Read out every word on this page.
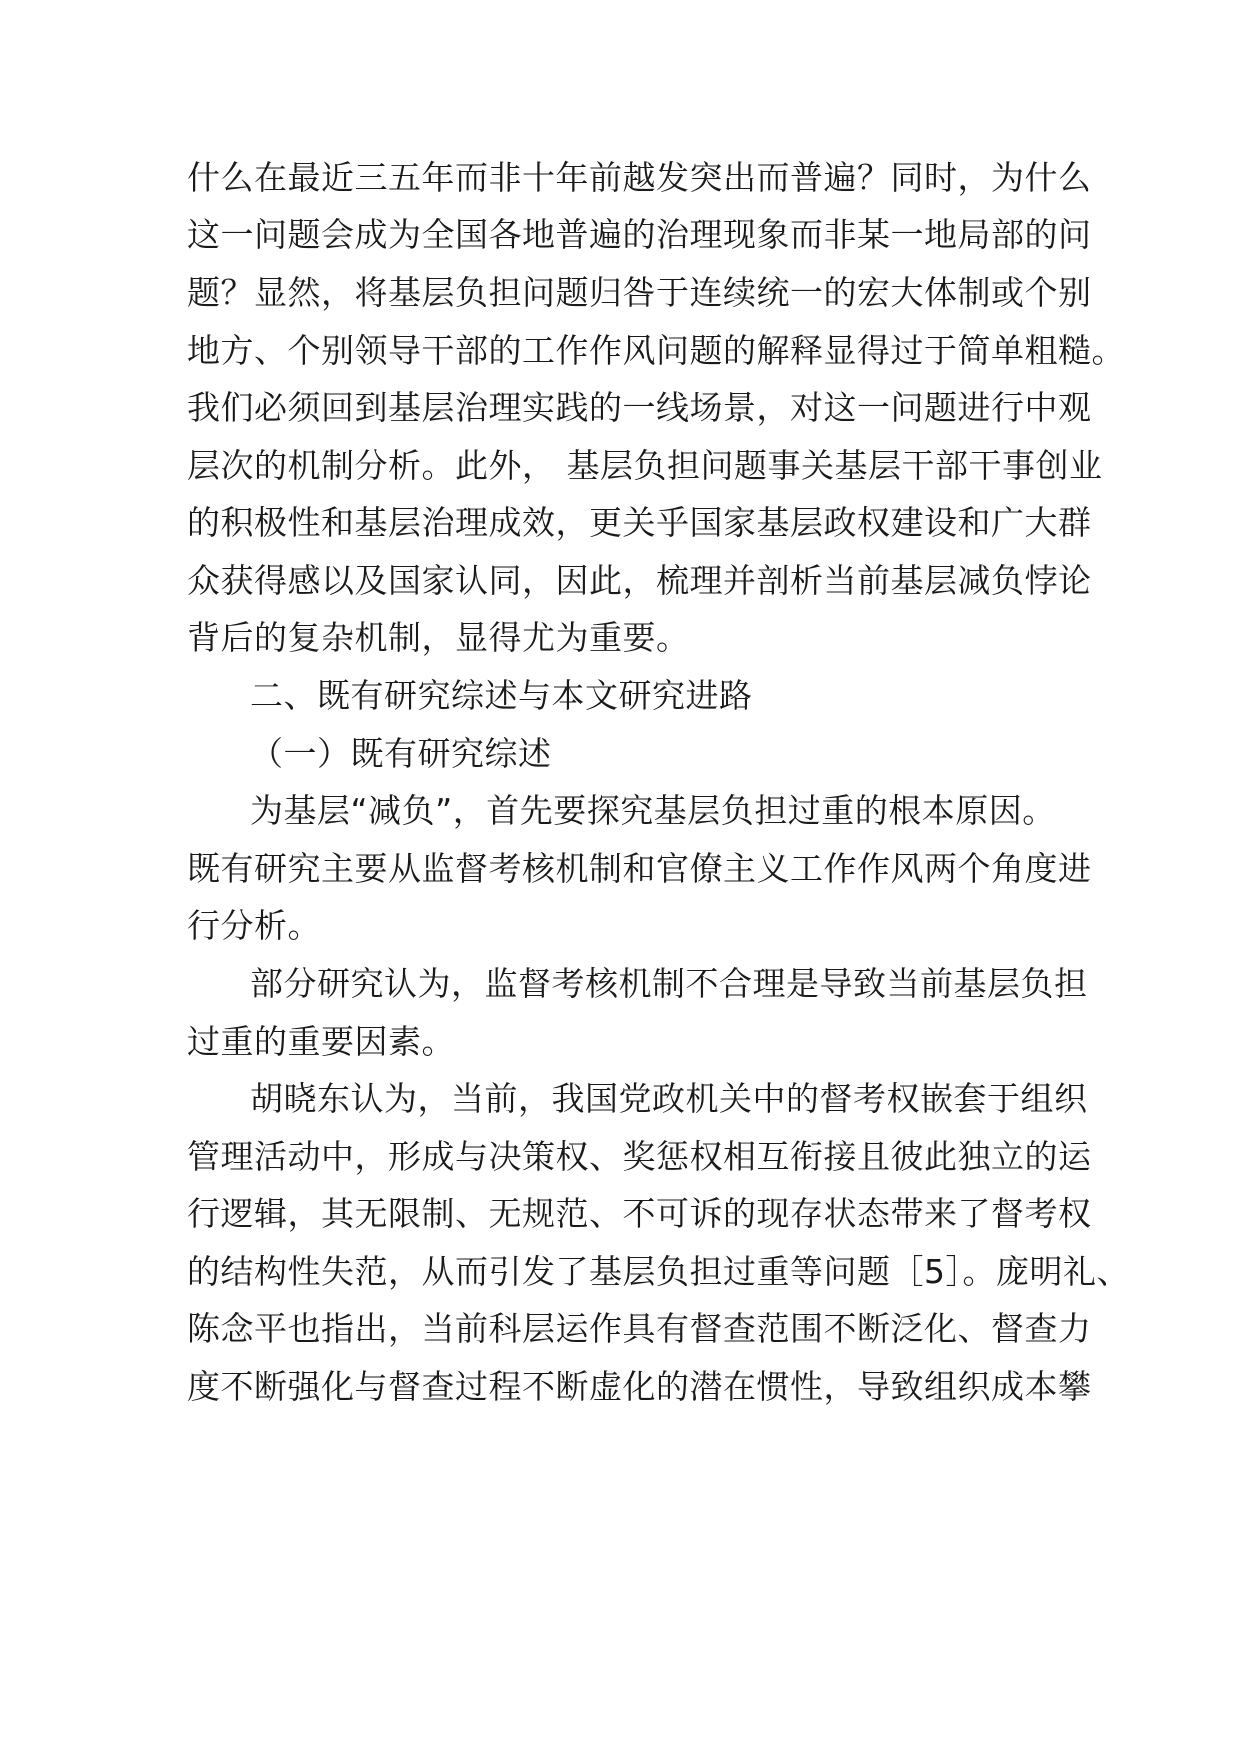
什么在最近三五年而非十年前越发突出而普遍？同时，为什么
这一问题会成为全国各地普遍的治理现象而非某一地局部的问
题？显然，将基层负担问题归咎于连续统一的宏大体制或个别
地方、个别领导干部的工作作风问题的解释显得过于简单粗糙。
我们必须回到基层治理实践的一线场景，对这一问题进行中观
层次的机制分析。此外， 基层负担问题事关基层干部干事创业
的积极性和基层治理成效，更关乎国家基层政权建设和广大群
众获得感以及国家认同，因此，梳理并剖析当前基层减负悖论
背后的复杂机制，显得尤为重要。
二、既有研究综述与本文研究进路
（一）既有研究综述
为基层“减负”，首先要探究基层负担过重的根本原因。
既有研究主要从监督考核机制和官僚主义工作作风两个角度进
行分析。
部分研究认为，监督考核机制不合理是导致当前基层负担
过重的重要因素。
胡晓东认为，当前，我国党政机关中的督考权嵌套于组织
管理活动中，形成与决策权、奖惩权相互衔接且彼此独立的运
行逻辑，其无限制、无规范、不可诉的现存状态带来了督考权
的结构性失范，从而引发了基层负担过重等问题［5］。庞明礼、
陈念平也指出，当前科层运作具有督查范围不断泛化、督查力
度不断强化与督查过程不断虚化的潜在惯性，导致组织成本攀
